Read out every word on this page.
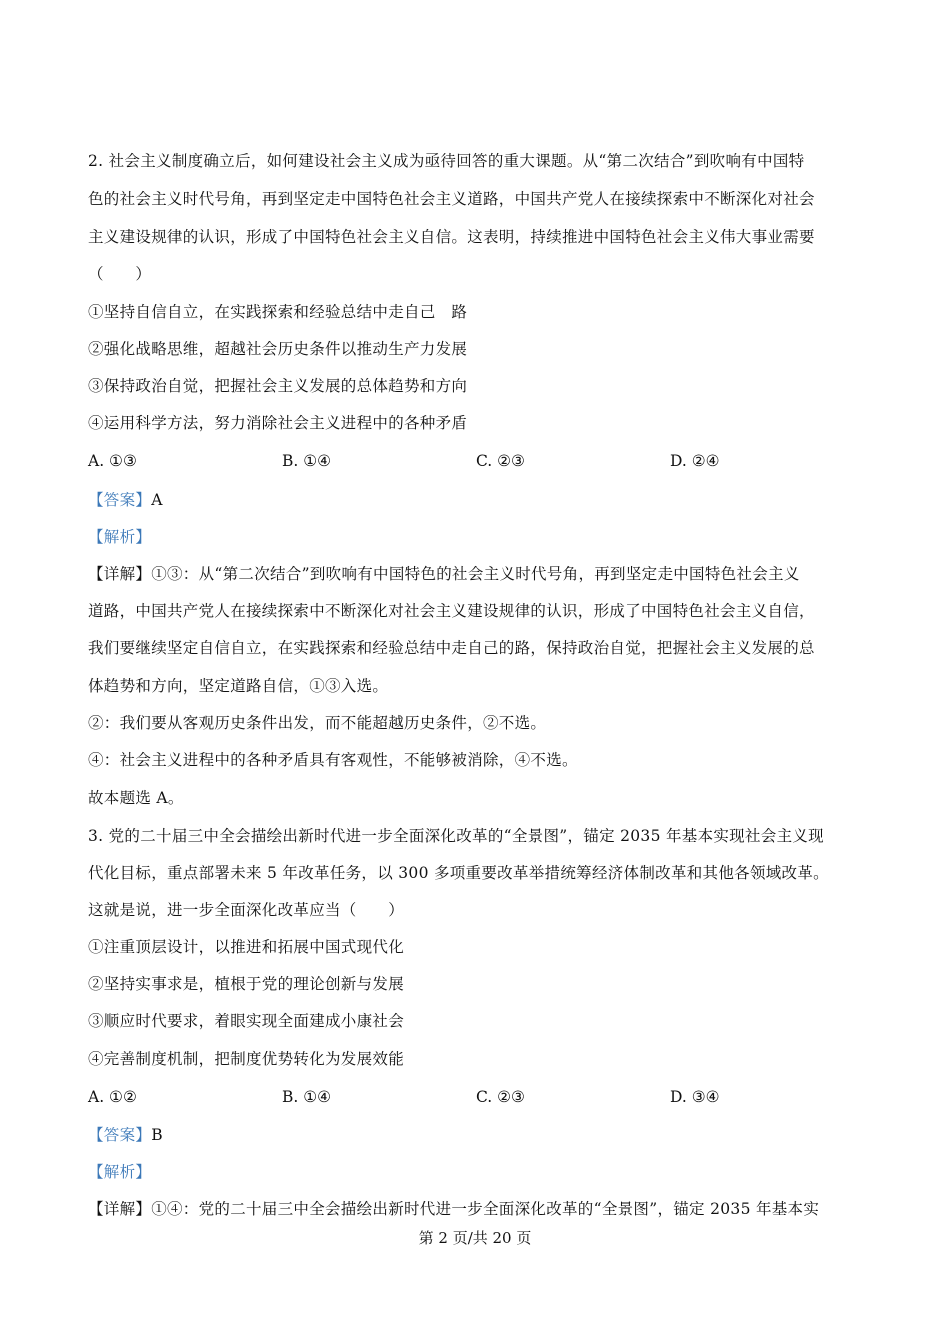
2. 社会主义制度确立后，如何建设社会主义成为亟待回答的重大课题。从“第二次结合”到吹响有中国特
色的社会主义时代号角，再到坚定走中国特色社会主义道路，中国共产党人在接续探索中不断深化对社会
主义建设规律的认识，形成了中国特色社会主义自信。这表明，持续推进中国特色社会主义伟大事业需要
（　　）
①坚持自信自立，在实践探索和经验总结中走自己　路
②强化战略思维，超越社会历史条件以推动生产力发展
③保持政治自觉，把握社会主义发展的总体趋势和方向
④运用科学方法，努力消除社会主义进程中的各种矛盾
A. ①③	B. ①④	C. ②③	D. ②④
【答案】A
【解析】
【详解】①③：从“第二次结合”到吹响有中国特色的社会主义时代号角，再到坚定走中国特色社会主义
道路，中国共产党人在接续探索中不断深化对社会主义建设规律的认识，形成了中国特色社会主义自信，
我们要继续坚定自信自立，在实践探索和经验总结中走自己的路，保持政治自觉，把握社会主义发展的总
体趋势和方向，坚定道路自信，①③入选。
②：我们要从客观历史条件出发，而不能超越历史条件，②不选。
④：社会主义进程中的各种矛盾具有客观性，不能够被消除，④不选。
故本题选 A。
3. 党的二十届三中全会描绘出新时代进一步全面深化改革的“全景图”，锚定 2035 年基本实现社会主义现
代化目标，重点部署未来 5 年改革任务，以 300 多项重要改革举措统筹经济体制改革和其他各领域改革。
这就是说，进一步全面深化改革应当（　　）
①注重顶层设计，以推进和拓展中国式现代化
②坚持实事求是，植根于党的理论创新与发展
③顺应时代要求，着眼实现全面建成小康社会
④完善制度机制，把制度优势转化为发展效能
A. ①②	B. ①④	C. ②③	D. ③④
【答案】B
【解析】
【详解】①④：党的二十届三中全会描绘出新时代进一步全面深化改革的“全景图”，锚定 2035 年基本实
第 2 页/共 20 页
